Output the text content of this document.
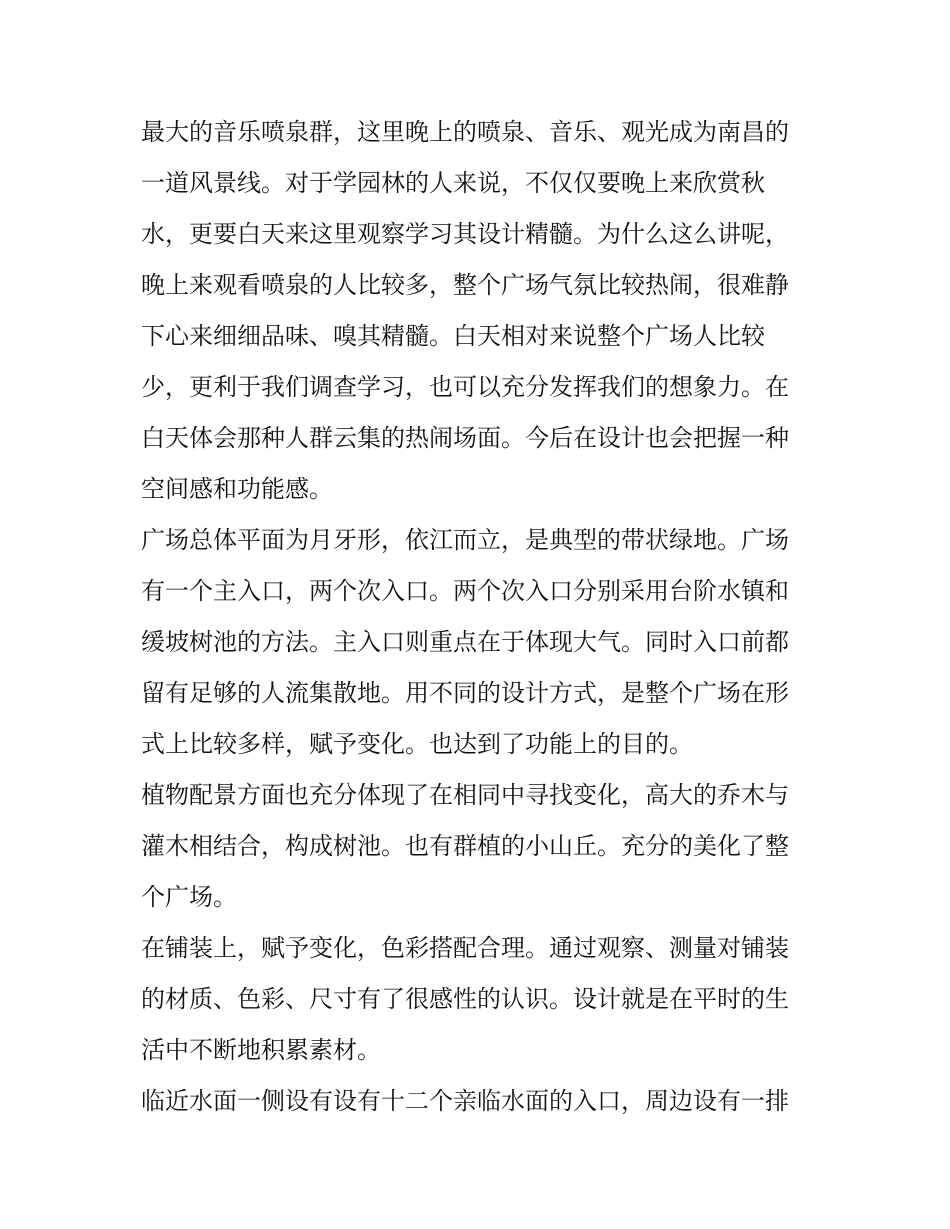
最大的音乐喷泉群，这里晚上的喷泉、音乐、观光成为南昌的
一道风景线。对于学园林的人来说，不仅仅要晚上来欣赏秋
水，更要白天来这里观察学习其设计精髓。为什么这么讲呢，
晚上来观看喷泉的人比较多，整个广场气氛比较热闹，很难静
下心来细细品味、嗅其精髓。白天相对来说整个广场人比较
少，更利于我们调查学习，也可以充分发挥我们的想象力。在
白天体会那种人群云集的热闹场面。今后在设计也会把握一种
空间感和功能感。
广场总体平面为月牙形，依江而立，是典型的带状绿地。广场
有一个主入口，两个次入口。两个次入口分别采用台阶水镇和
缓坡树池的方法。主入口则重点在于体现大气。同时入口前都
留有足够的人流集散地。用不同的设计方式，是整个广场在形
式上比较多样，赋予变化。也达到了功能上的目的。
植物配景方面也充分体现了在相同中寻找变化，高大的乔木与
灌木相结合，构成树池。也有群植的小山丘。充分的美化了整
个广场。
在铺装上，赋予变化，色彩搭配合理。通过观察、测量对铺装
的材质、色彩、尺寸有了很感性的认识。设计就是在平时的生
活中不断地积累素材。
临近水面一侧设有设有十二个亲临水面的入口，周边设有一排
